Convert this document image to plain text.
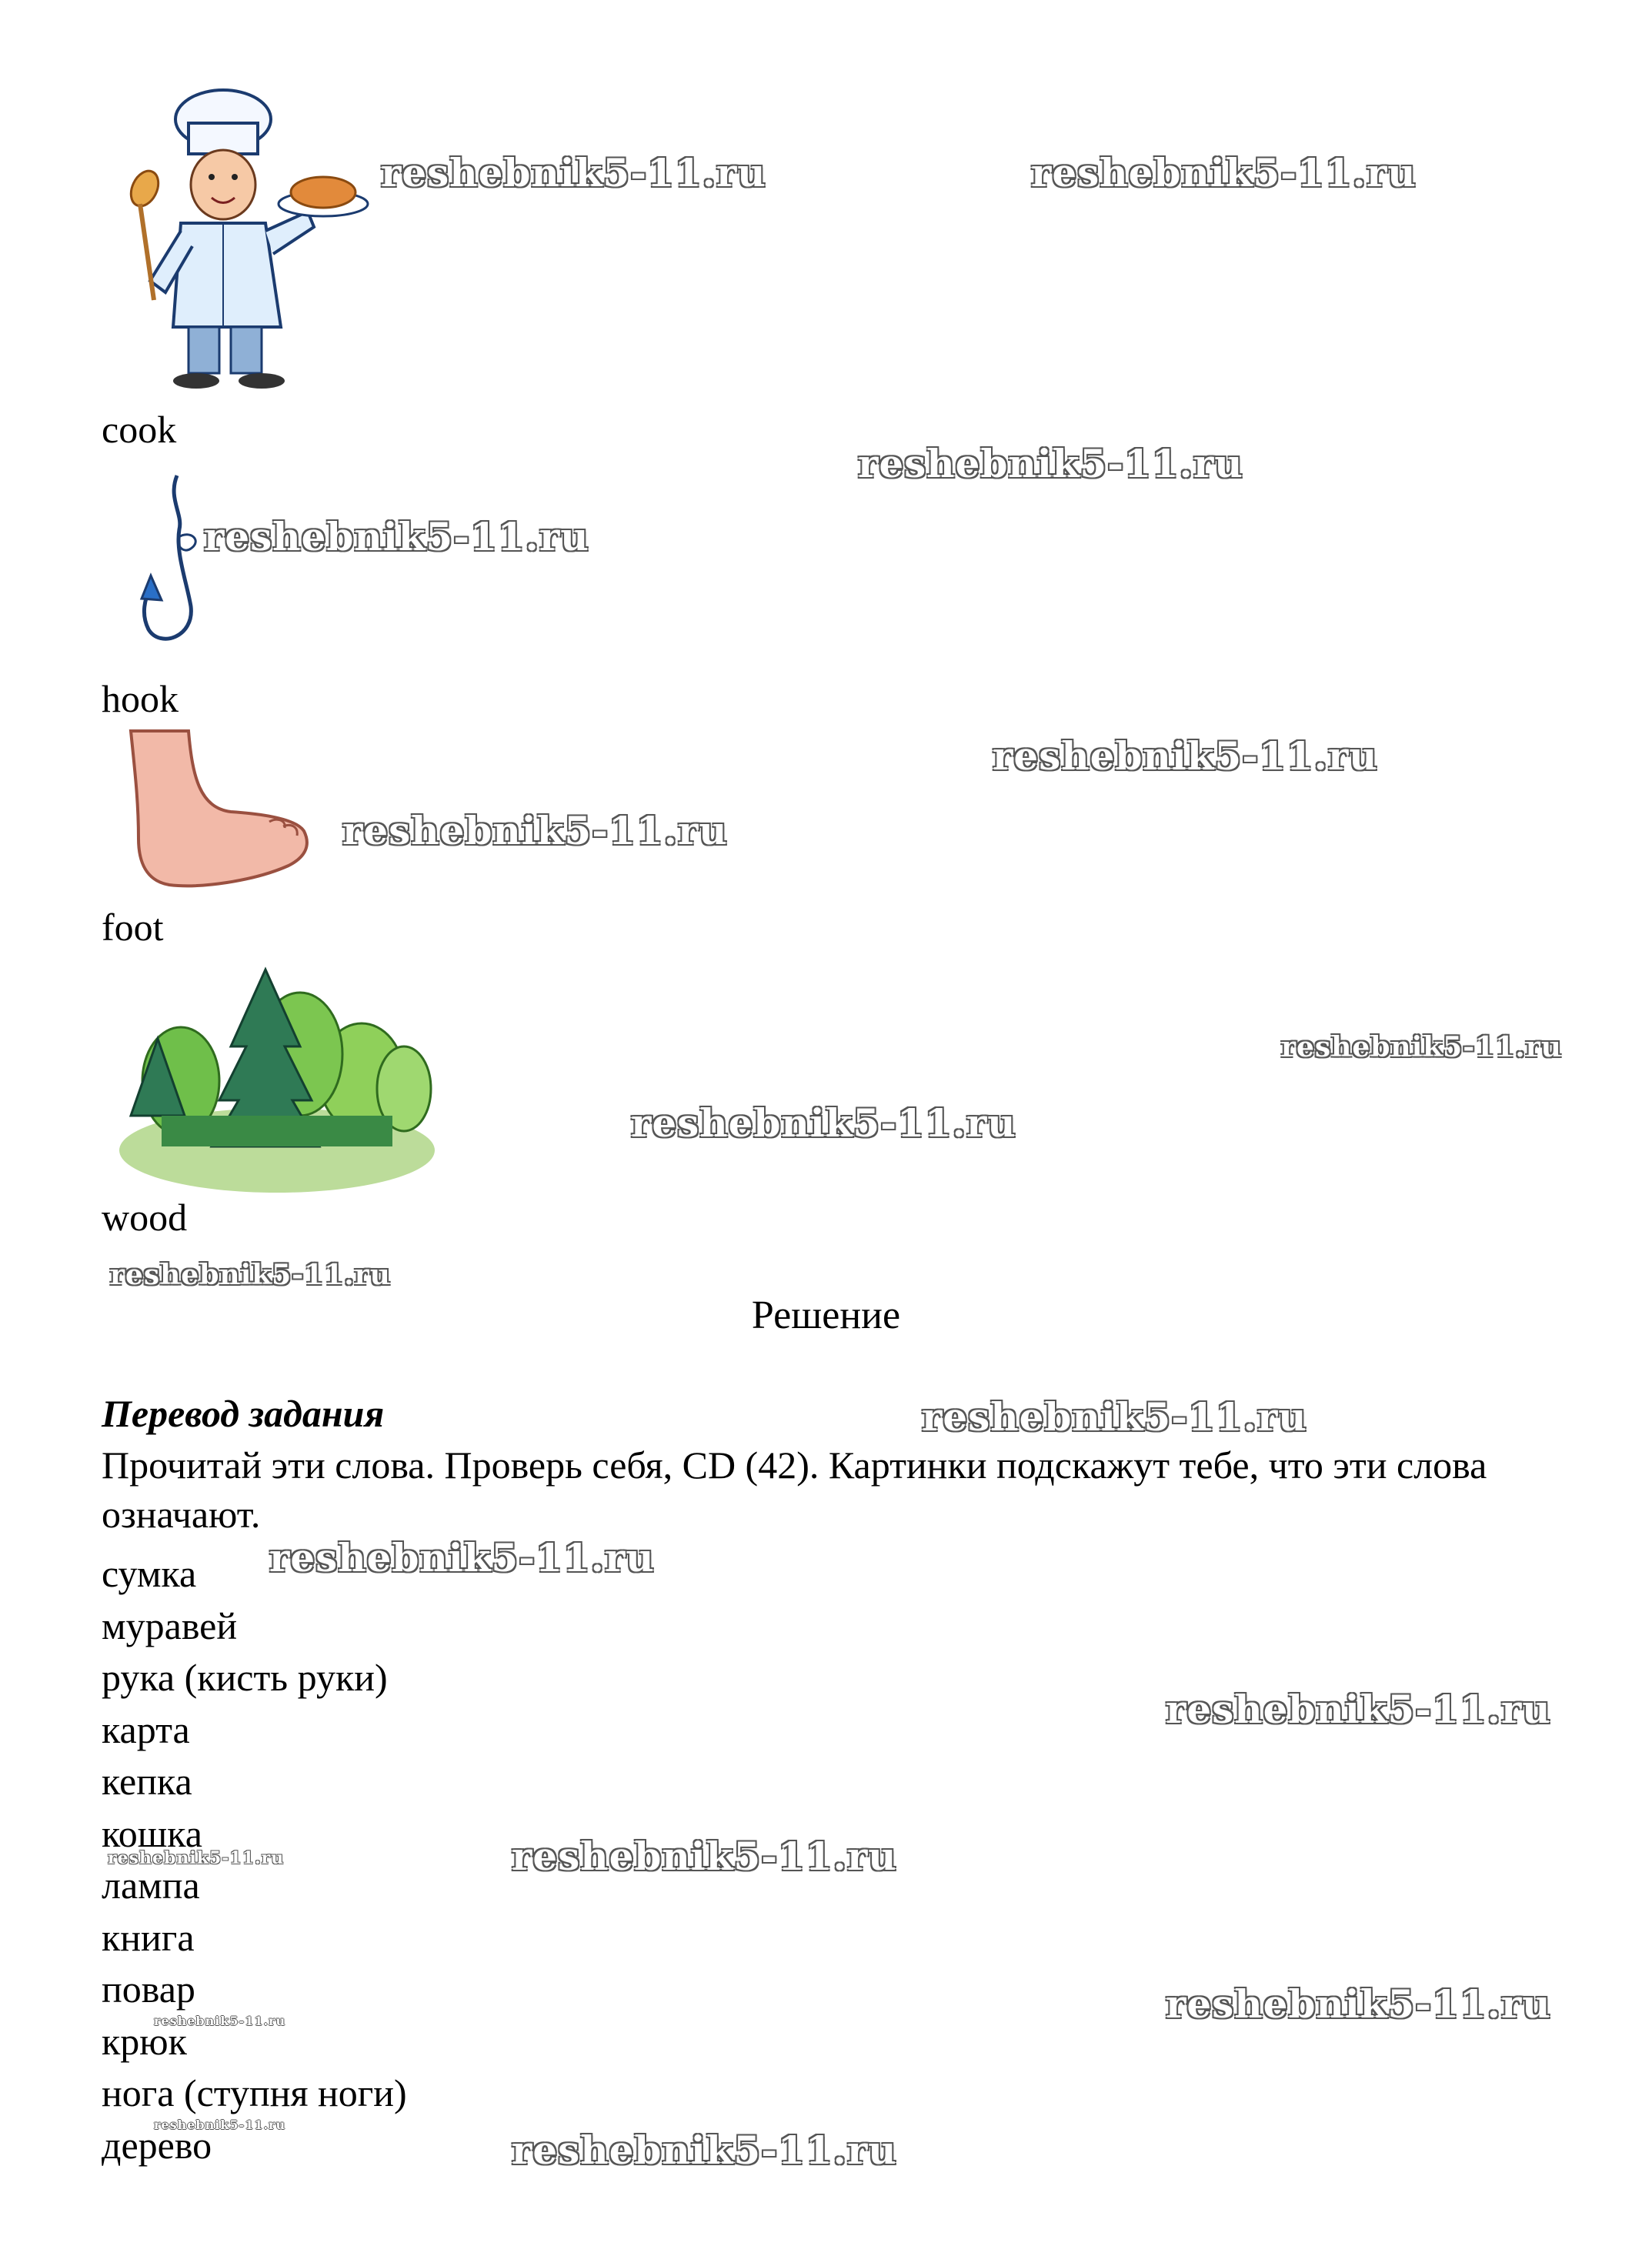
cook
hook
foot
wood
Решение
Перевод задания
Прочитай эти слова. Проверь себя, CD (42). Картинки подскажут тебе, что эти слова означают.
сумка
муравей
рука (кисть руки)
карта
кепка
кошка
лампа
книга
повар
крюк
нога (ступня ноги)
дерево
reshebnik5-11.ru	reshebnik5-11.ru
reshebnik5-11.ru
reshebnik5-11.ru
reshebnik5-11.ru
reshebnik5-11.ru
reshebnik5-11.ru
reshebnik5-11.ru
reshebnik5-11.ru
reshebnik5-11.ru
reshebnik5-11.ru
reshebnik5-11.ru
reshebnik5-11.ru	reshebnik5-11.ru
reshebnik5-11.ru
reshebnik5-11.ru
reshebnik5-11.ru
reshebnik5-11.ru
